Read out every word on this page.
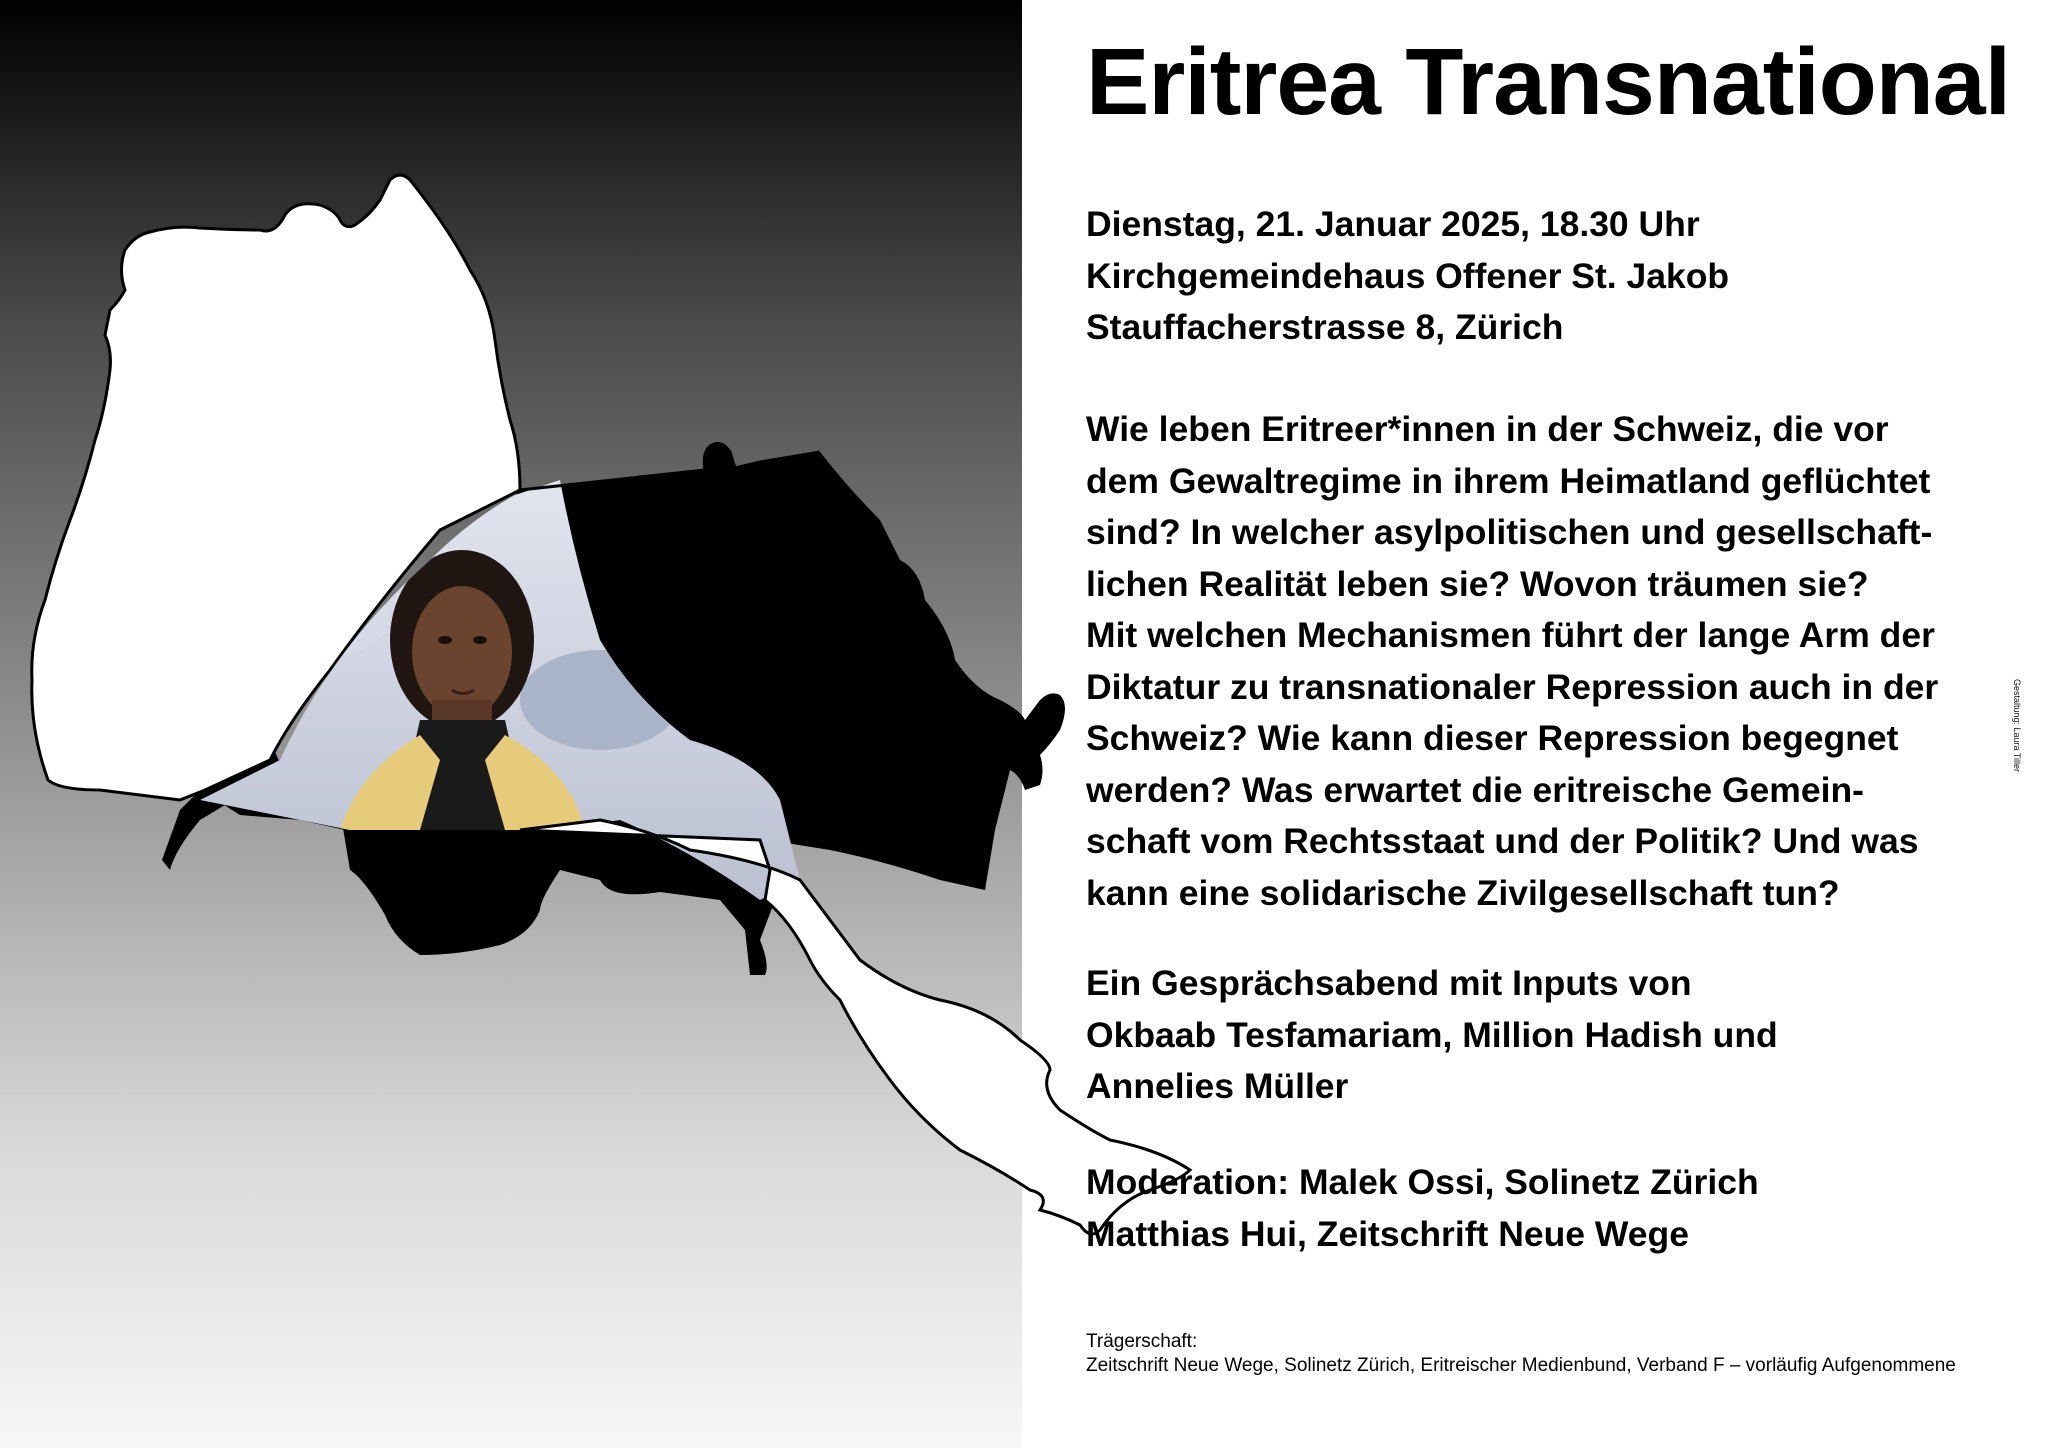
Eritrea Transnational
Dienstag, 21. Januar 2025, 18.30 Uhr
Kirchgemeindehaus Offener St. Jakob
Stauffacherstrasse 8, Zürich
Wie leben Eritreer*innen in der Schweiz, die vor
dem Gewaltregime in ihrem Heimatland geflüchtet
sind? In welcher asylpolitischen und gesellschaft-
lichen Realität leben sie? Wovon träumen sie?
Mit welchen Mechanismen führt der lange Arm der
Diktatur zu transnationaler Repression auch in der
Schweiz? Wie kann dieser Repression begegnet
werden? Was erwartet die eritreische Gemein-
schaft vom Rechtsstaat und der Politik? Und was
kann eine solidarische Zivilgesellschaft tun?
Ein Gesprächsabend mit Inputs von
Okbaab Tesfamariam, Million Hadish und
Annelies Müller
Moderation: Malek Ossi, Solinetz Zürich
Matthias Hui, Zeitschrift Neue Wege
Trägerschaft:
Zeitschrift Neue Wege, Solinetz Zürich, Eritreischer Medienbund, Verband F – vorläufig Aufgenommene
Gestaltung: Laura Tiller
